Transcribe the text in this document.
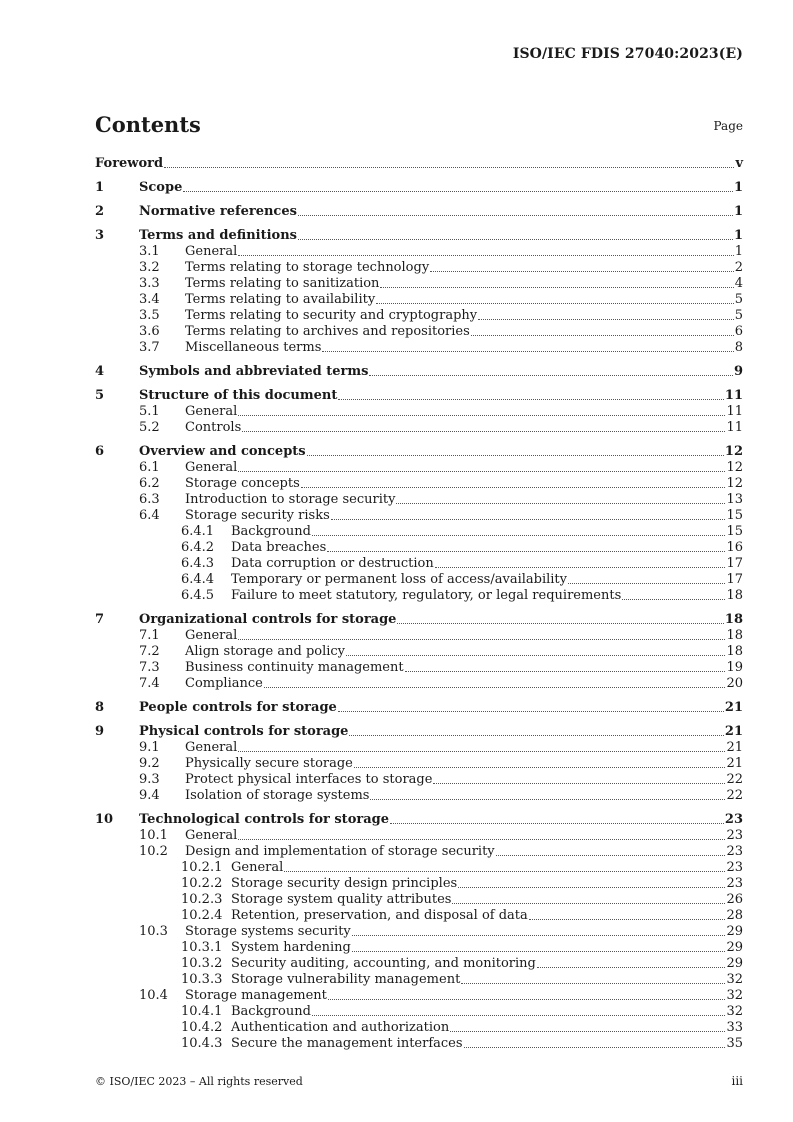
ISO/IEC FDIS 27040:2023(E)
Contents	Page
Foreword	v
1	Scope	1
2	Normative references	1
3	Terms and definitions	1
3.1	General	1
3.2	Terms relating to storage technology	2
3.3	Terms relating to sanitization	4
3.4	Terms relating to availability	5
3.5	Terms relating to security and cryptography	5
3.6	Terms relating to archives and repositories	6
3.7	Miscellaneous terms	8
4	Symbols and abbreviated terms	9
5	Structure of this document	11
5.1	General	11
5.2	Controls	11
6	Overview and concepts	12
6.1	General	12
6.2	Storage concepts	12
6.3	Introduction to storage security	13
6.4	Storage security risks	15
6.4.1	Background	15
6.4.2	Data breaches	16
6.4.3	Data corruption or destruction	17
6.4.4	Temporary or permanent loss of access/availability	17
6.4.5	Failure to meet statutory, regulatory, or legal requirements	18
7	Organizational controls for storage	18
7.1	General	18
7.2	Align storage and policy	18
7.3	Business continuity management	19
7.4	Compliance	20
8	People controls for storage	21
9	Physical controls for storage	21
9.1	General	21
9.2	Physically secure storage	21
9.3	Protect physical interfaces to storage	22
9.4	Isolation of storage systems	22
10	Technological controls for storage	23
10.1	General	23
10.2	Design and implementation of storage security	23
10.2.1 General	23
10.2.2 Storage security design principles	23
10.2.3 Storage system quality attributes	26
10.2.4 Retention, preservation, and disposal of data	28
10.3	Storage systems security	29
10.3.1 System hardening	29
10.3.2 Security auditing, accounting, and monitoring	29
10.3.3 Storage vulnerability management	32
10.4	Storage management	32
10.4.1 Background	32
10.4.2 Authentication and authorization	33
10.4.3 Secure the management interfaces	35
© ISO/IEC 2023 – All rights reserved	iii
